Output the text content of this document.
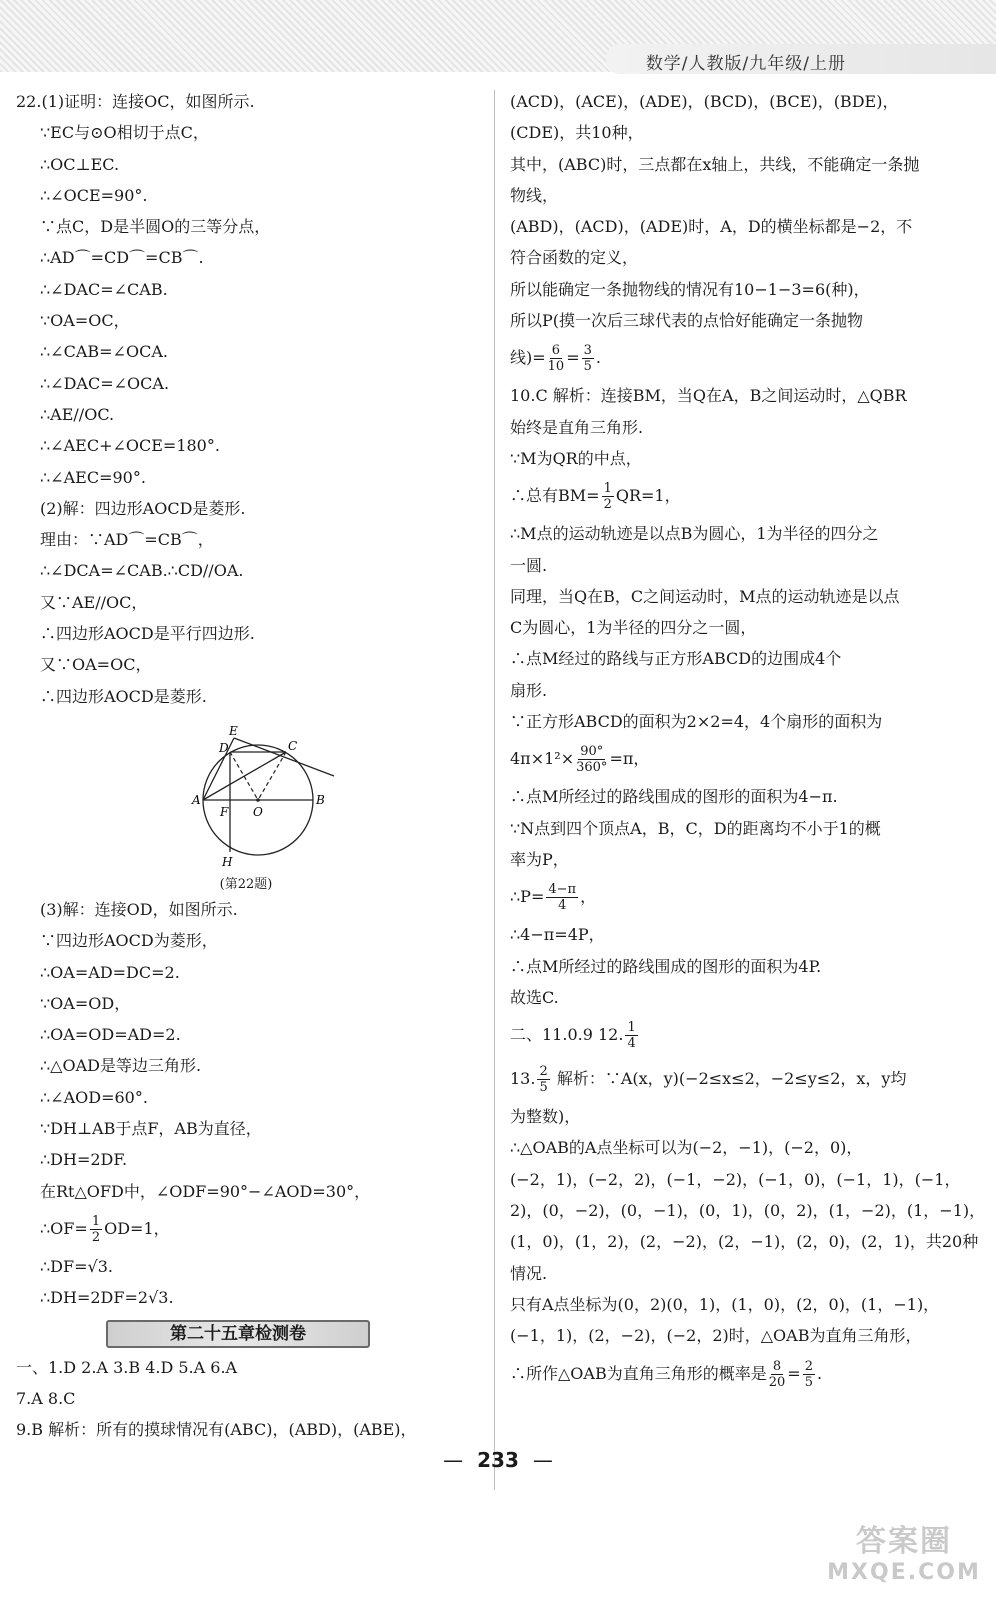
数学/人教版/九年级/上册
22.(1)证明：连接OC，如图所示.
∵EC与⊙O相切于点C，
∴OC⊥EC.
∴∠OCE=90°.
∵点C，D是半圆O的三等分点，
∴AD⌒=CD⌒=CB⌒.
∴∠DAC=∠CAB.
∵OA=OC，
∴∠CAB=∠OCA.
∴∠DAC=∠OCA.
∴AE//OC.
∴∠AEC+∠OCE=180°.
∴∠AEC=90°.
(2)解：四边形AOCD是菱形.
理由：∵AD⌒=CB⌒，
∴∠DCA=∠CAB.∴CD//OA.
又∵AE//OC，
∴四边形AOCD是平行四边形.
又∵OA=OC，
∴四边形AOCD是菱形.
E
D	C
A
F O
B
H
(第22题)
(3)解：连接OD，如图所示.
∵四边形AOCD为菱形，
∴OA=AD=DC=2.
∵OA=OD，
∴OA=OD=AD=2.
∴△OAD是等边三角形.
∴∠AOD=60°.
∵DH⊥AB于点F，AB为直径，
∴DH=2DF.
在Rt△OFD中，∠ODF=90°−∠AOD=30°，
∴OF= $\frac{1}{2} OD=1$，
∴DF=√3.
∴DH=2DF=2√3.
第二十五章检测卷
一、1.D 2.A 3.B 4.D 5.A 6.A
7.A 8.C
9.B 解析：所有的摸球情况有(ABC)，(ABD)，(ABE)，
(ACD)，(ACE)，(ADE)，(BCD)，(BCE)，(BDE)，
(CDE)，共10种，
其中，(ABC)时，三点都在x轴上，共线，不能确定一条抛
物线，
(ABD)，(ACD)，(ADE)时，A，D的横坐标都是−2，不
符合函数的定义，
所以能确定一条抛物线的情况有10−1−3=6(种)，
所以P(摸一次后三球代表的点恰好能确定一条抛物
线)= $\frac{6}{10} = \frac{3}{5}$ .
10.C 解析：连接BM，当Q在A，B之间运动时，△QBR
始终是直角三角形.
∵M为QR的中点，
∴总有$BM= \frac{1}{2} QR=1$，
∴M点的运动轨迹是以点B为圆心，1为半径的四分之
一圆.
同理，当Q在B，C之间运动时，M点的运动轨迹是以点
C为圆心，1为半径的四分之一圆，
∴点M经过的路线与正方形ABCD的边围成4个
扇形.
∵正方形ABCD的面积为2×2=4，4个扇形的面积为
$4\pi\times 1^2\times \frac{90^\circ}{360^\circ} =\pi$，
∴点M所经过的路线围成的图形的面积为4−π.
∵N点到四个顶点A，B，C，D的距离均不小于1的概
率为P，
∴P= $\frac{4-\pi}{4}$ ，
∴4−π=4P，
∴点M所经过的路线围成的图形的面积为4P.
故选C.
二、11.0.9 12. $\frac{1}{4}$
13. $\frac{2}{5}$ 解析：∵A(x，y)(−2≤x≤2，−2≤y≤2，x，y均
为整数)，
∴△OAB的A点坐标可以为(−2，−1)，(−2，0)，
(−2，1)，(−2，2)，(−1，−2)，(−1，0)，(−1，1)，(−1，
2)，(0，−2)，(0，−1)，(0，1)，(0，2)，(1，−2)，(1，−1)，
(1，0)，(1，2)，(2，−2)，(2，−1)，(2，0)，(2，1)，共20种
情况.
只有A点坐标为(0，2)(0，1)，(1，0)，(2，0)，(1，−1)，
(−1，1)，(2，−2)，(−2，2)时，△OAB为直角三角形，
∴所作△OAB为直角三角形的概率是 $\frac{8}{20} = \frac{2}{5}$ .
— 233 —
答案圈
MXQE.COM
